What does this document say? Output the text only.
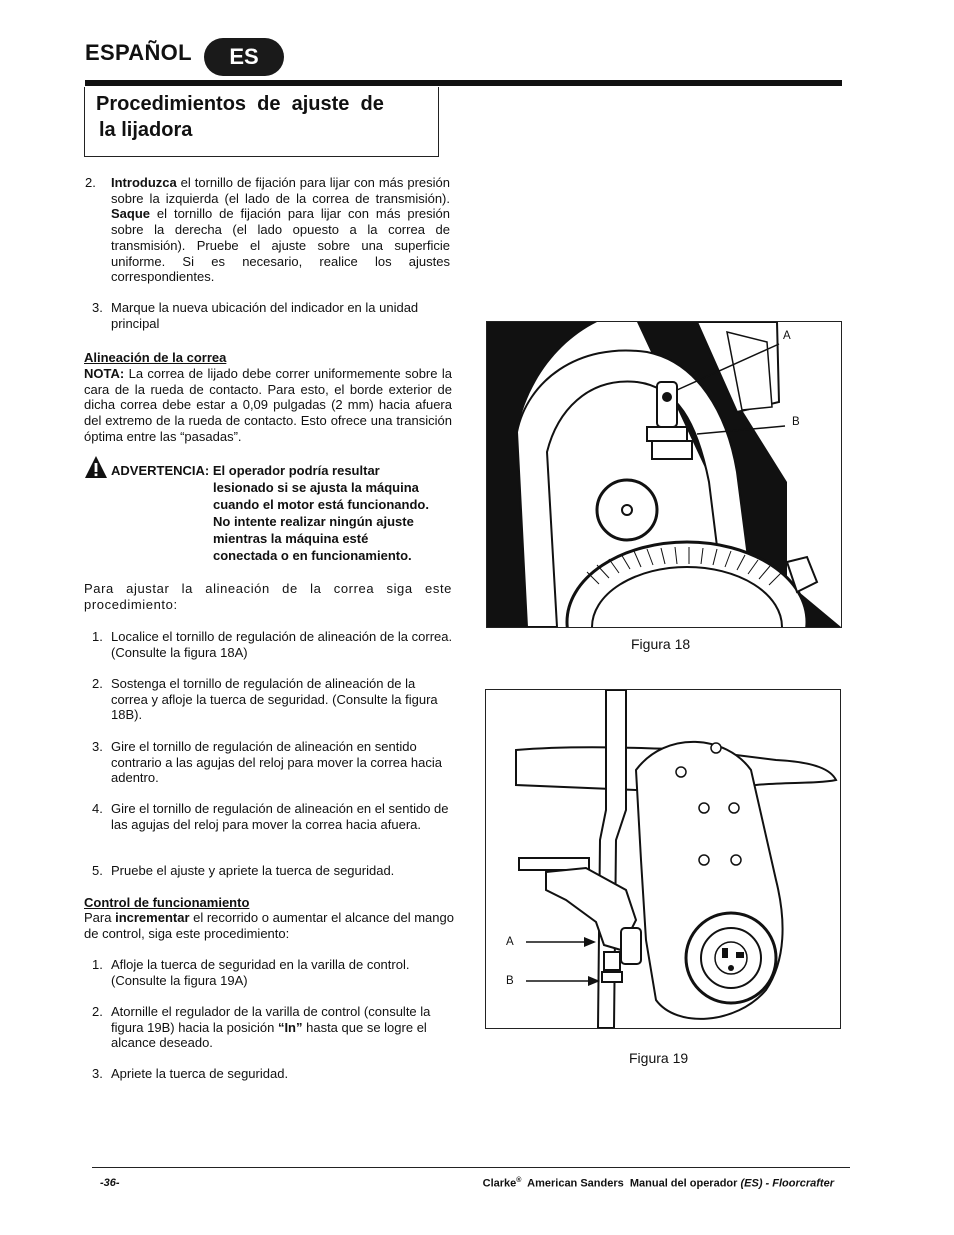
ESPAÑOL	ES
Procedimientos  de  ajuste  de
la lijadora
2. Introduzca el tornillo de fijación para lijar con más presión sobre la izquierda (el lado de la correa de transmisión). Saque el tornillo de fijación para lijar con más presión sobre la derecha (el lado opuesto a la correa de transmisión). Pruebe el ajuste sobre una superficie uniforme. Si es necesario, realice los ajustes correspondientes.
3. Marque la nueva ubicación del indicador en la unidad principal
Alineación de la correa
NOTA: La correa de lijado debe correr uniformemente sobre la cara de la rueda de contacto. Para esto, el borde exterior de dicha correa debe estar a 0,09 pulgadas (2 mm) hacia afuera del extremo de la rueda de contacto. Esto ofrece una transición óptima entre las “pasadas”.
ADVERTENCIA: El operador podría resultar
lesionado si se ajusta la máquina
cuando el motor está funcionando.
No intente realizar ningún ajuste
mientras la máquina esté
conectada o en funcionamiento.
Para ajustar la alineación de la correa siga este procedimiento:
1. Localice el tornillo de regulación de alineación de la correa. (Consulte la figura 18A)
2. Sostenga el tornillo de regulación de alineación de la correa y afloje la tuerca de seguridad. (Consulte la figura 18B).
3. Gire el tornillo de regulación de alineación en sentido contrario a las agujas del reloj para mover la correa hacia adentro.
4. Gire el tornillo de regulación de alineación en el sentido de las agujas del reloj para mover la correa hacia afuera.
5. Pruebe el ajuste y apriete la tuerca de seguridad.
Control de funcionamiento
Para incrementar el recorrido o aumentar el alcance del mango de control, siga este procedimiento:
1. Afloje la tuerca de seguridad en la varilla de control. (Consulte la figura 19A)
2. Atornille el regulador de la varilla de control (consulte la figura 19B) hacia la posición “In” hasta que se logre el alcance deseado.
3. Apriete la tuerca de seguridad.
A
B
Figura 18
A
B
Figura 19
-36-	Clarke®  American Sanders  Manual del operador (ES) - Floorcrafter
